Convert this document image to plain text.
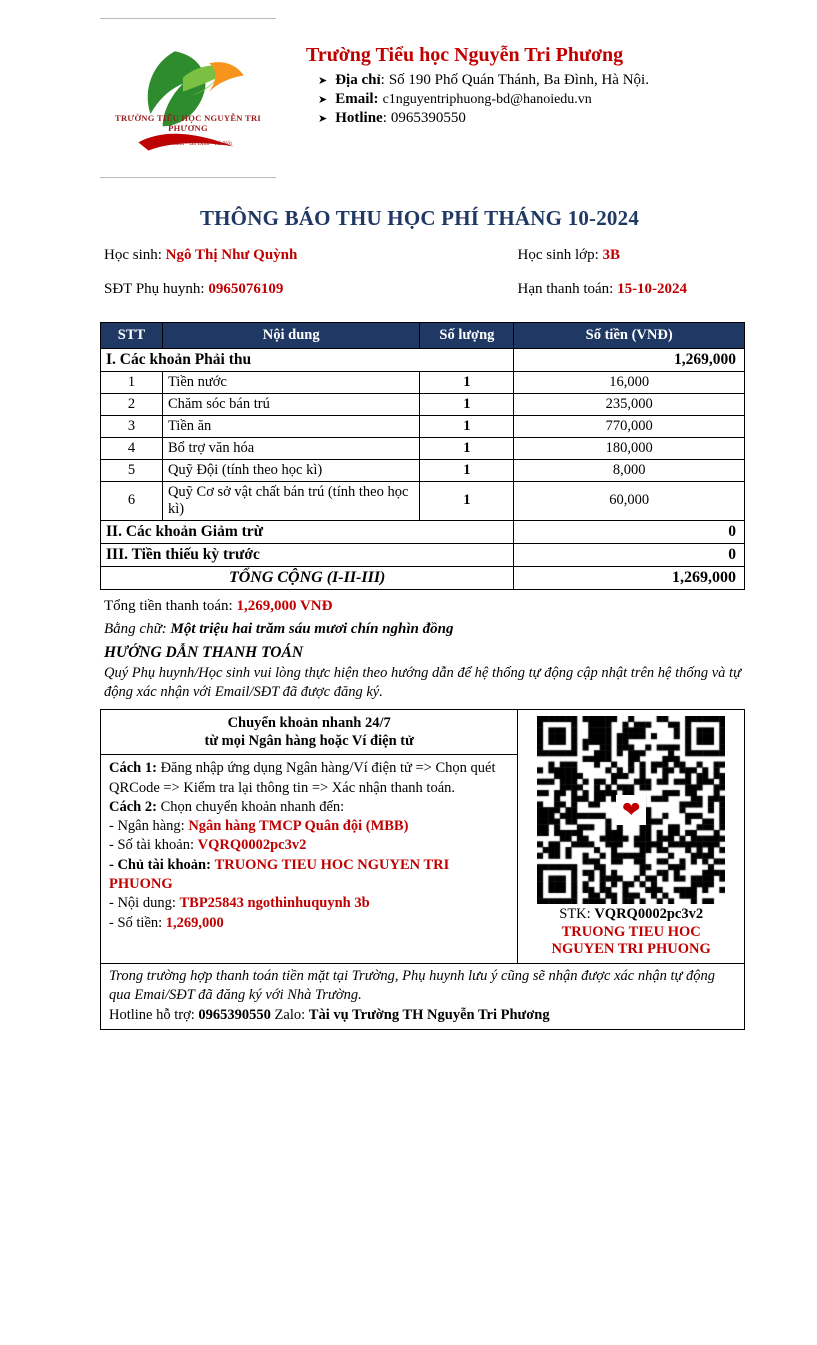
TRƯỜNG TIỂU HỌC NGUYỄN TRI PHƯƠNG
190 Quán Thánh - Ba Đình - Hà Nội
Trường Tiểu học Nguyễn Tri Phương
➤ Địa chỉ: Số 190 Phố Quán Thánh, Ba Đình, Hà Nội.
➤ Email: c1nguyentriphuong-bd@hanoiedu.vn
➤ Hotline: 0965390550
THÔNG BÁO THU HỌC PHÍ THÁNG 10-2024
Học sinh: Ngô Thị Như Quỳnh
SĐT Phụ huynh: 0965076109
Học sinh lớp: 3B
Hạn thanh toán: 15-10-2024
STT	Nội dung	Số lượng	Số tiền (VNĐ)
I. Các khoản Phải thu			1,269,000
1	Tiền nước	1	16,000
2	Chăm sóc bán trú	1	235,000
3	Tiền ăn	1	770,000
4	Bổ trợ văn hóa	1	180,000
5	Quỹ Đội (tính theo học kì)	1	8,000
6	Quỹ Cơ sở vật chất bán trú (tính theo học kì)	1	60,000
II. Các khoản Giảm trừ			0
III. Tiền thiếu kỳ trước			0
TỔNG CỘNG (I-II-III)			1,269,000
Tổng tiền thanh toán: 1,269,000 VNĐ
Bằng chữ: Một triệu hai trăm sáu mươi chín nghìn đồng
HƯỚNG DẪN THANH TOÁN
Quý Phụ huynh/Học sinh vui lòng thực hiện theo hướng dẫn để hệ thống tự động cập nhật trên hệ thống và tự động xác nhận với Email/SĐT đã được đăng ký.
Chuyển khoản nhanh 24/7
từ mọi Ngân hàng hoặc Ví điện tử

Cách 1: Đăng nhập ứng dụng Ngân hàng/Ví điện tử => Chọn quét QRCode => Kiểm tra lại thông tin => Xác nhận thanh toán.

Cách 2: Chọn chuyển khoản nhanh đến:

- Ngân hàng: Ngân hàng TMCP Quân đội (MBB)

- Số tài khoản: VQRQ0002pc3v2

- Chủ tài khoản: TRUONG TIEU HOC NGUYEN TRI PHUONG

- Nội dung: TBP25843 ngothinhuquynh 3b

- Số tiền: 1,269,000

❤
STK: VQRQ0002pc3v2
TRUONG TIEU HOC
NGUYEN TRI PHUONG
Trong trường hợp thanh toán tiền mặt tại Trường, Phụ huynh lưu ý cũng sẽ nhận được xác nhận tự động qua Emai/SĐT đã đăng ký với Nhà Trường.
Hotline hỗ trợ: 0965390550 Zalo: Tài vụ Trường TH Nguyễn Tri Phương
